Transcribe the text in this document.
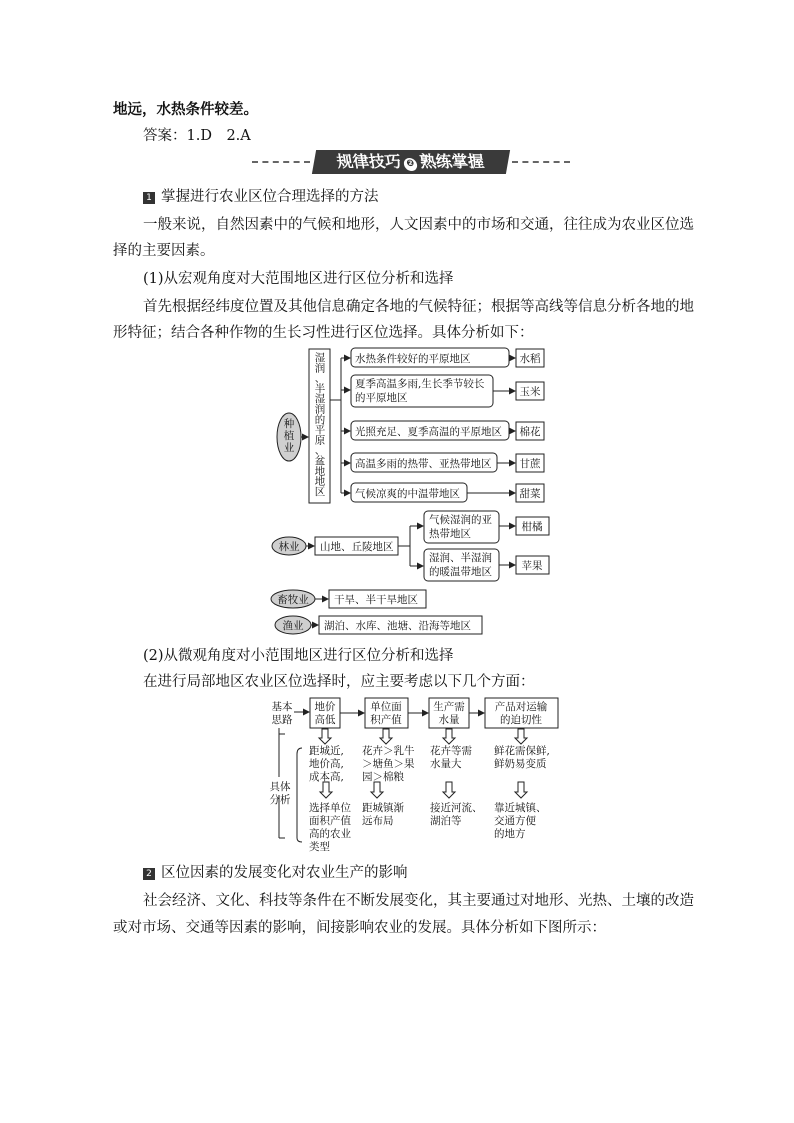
地远，水热条件较差。
答案：1.D　2.A
规律技巧 ❷ 熟练掌握
1 掌握进行农业区位合理选择的方法
一般来说，自然因素中的气候和地形，人文因素中的市场和交通，往往成为农业区位选
择的主要因素。
(1)从宏观角度对大范围地区进行区位分析和选择
首先根据经纬度位置及其他信息确定各地的气候特征；根据等高线等信息分析各地的地
形特征；结合各种作物的生长习性进行区位选择。具体分析如下：
种
植
业
湿
润
、
半
湿
润
的
平
原
、
盆
地
地
区
水热条件较好的平原地区	水稻
夏季高温多雨,生长季节较长
的平原地区	玉米
光照充足、夏季高温的平原地区 棉花
高温多雨的热带、亚热带地区	甘蔗
气候凉爽的中温带地区	甜菜
林业 山地、丘陵地区
气候湿润的亚
热带地区
柑橘
湿润、半湿润
的暖温带地区	苹果
畜牧业 干旱、半干旱地区
渔业 湖泊、水库、池塘、沿海等地区
(2)从微观角度对小范围地区进行区位分析和选择
在进行局部地区农业区位选择时，应主要考虑以下几个方面：
基本
思路
具体
分析
地价
高低
距城近,
地价高,
成本高,
选择单位
面积产值
高的农业
类型
单位面
积产值
花卉＞乳牛
＞塘鱼＞果
园＞棉粮
距城镇渐
远布局
生产需
水量
花卉等需
水量大
接近河流、
湖泊等
产品对运输
的迫切性
鲜花需保鲜,
鲜奶易变质
靠近城镇、
交通方便
的地方
2 区位因素的发展变化对农业生产的影响
社会经济、文化、科技等条件在不断发展变化，其主要通过对地形、光热、土壤的改造
或对市场、交通等因素的影响，间接影响农业的发展。具体分析如下图所示：
